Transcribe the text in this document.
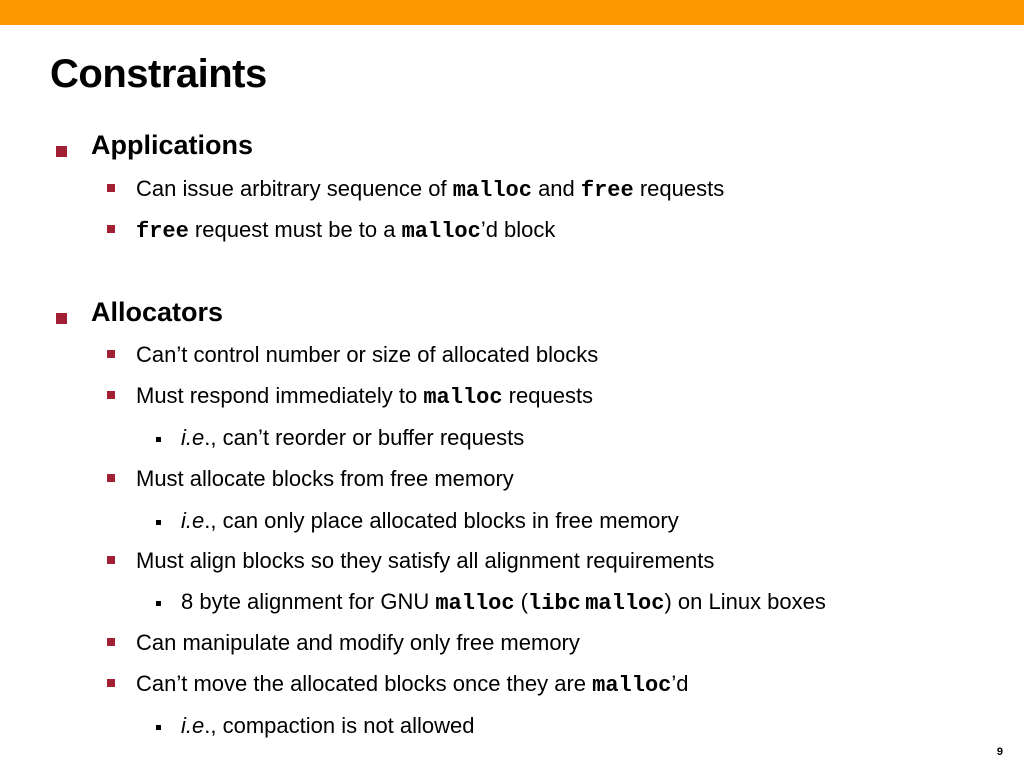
Constraints
Applications
Can issue arbitrary sequence of malloc and free requests
free request must be to a malloc’d block
Allocators
Can’t control number or size of allocated blocks
Must respond immediately to malloc requests
i.e., can’t reorder or buffer requests
Must allocate blocks from free memory
i.e., can only place allocated blocks in free memory
Must align blocks so they satisfy all alignment requirements
8 byte alignment for GNU malloc (libc  malloc) on Linux boxes
Can manipulate and modify only free memory
Can’t move the allocated blocks once they are malloc’d
i.e., compaction is not allowed
9
